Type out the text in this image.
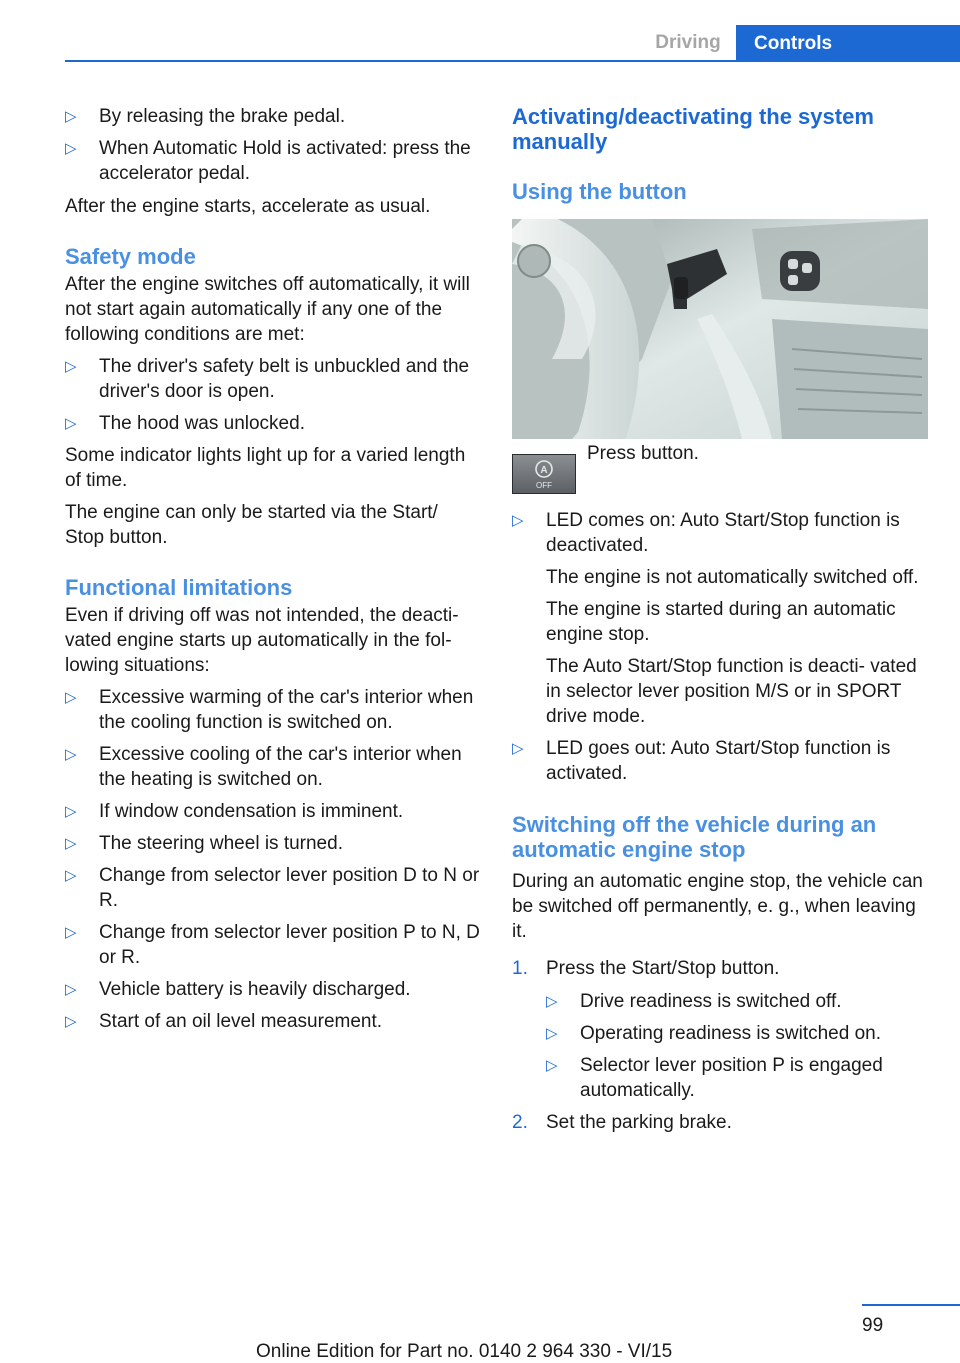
Driving	Controls
▷ By releasing the brake pedal.
▷ When Automatic Hold is activated: press the accelerator pedal.

After the engine starts, accelerate as usual.

Safety mode

After the engine switches off automatically, it will not start again automatically if any one of the following conditions are met:

▷ The driver's safety belt is unbuckled and the driver's door is open.
▷ The hood was unlocked.

Some indicator lights light up for a varied length of time.

The engine can only be started via the Start/ Stop button.

Functional limitations

Even if driving off was not intended, the deacti‐ vated engine starts up automatically in the fol‐ lowing situations:

▷ Excessive warming of the car's interior when the cooling function is switched on.
▷ Excessive cooling of the car's interior when the heating is switched on.
▷ If window condensation is imminent.
▷ The steering wheel is turned.
▷ Change from selector lever position D to N or R.
▷ Change from selector lever position P to N, D or R.
▷ Vehicle battery is heavily discharged.
▷ Start of an oil level measurement.
Activating/deactivating the system manually
Using the button
A
OFF
Press button.
▷ LED comes on: Auto Start/Stop function is deactivated.
The engine is not automatically switched off.
The engine is started during an automatic engine stop.
The Auto Start/Stop function is deacti‐ vated in selector lever position M/S or in SPORT drive mode.
▷ LED goes out: Auto Start/Stop function is activated.
Switching off the vehicle during an automatic engine stop

During an automatic engine stop, the vehicle can be switched off permanently, e. g., when leaving it.

1. Press the Start/Stop button.
▷ Drive readiness is switched off.
▷ Operating readiness is switched on.
▷ Selector lever position P is engaged automatically.
2. Set the parking brake.
99
Online Edition for Part no. 0140 2 964 330 - VI/15
